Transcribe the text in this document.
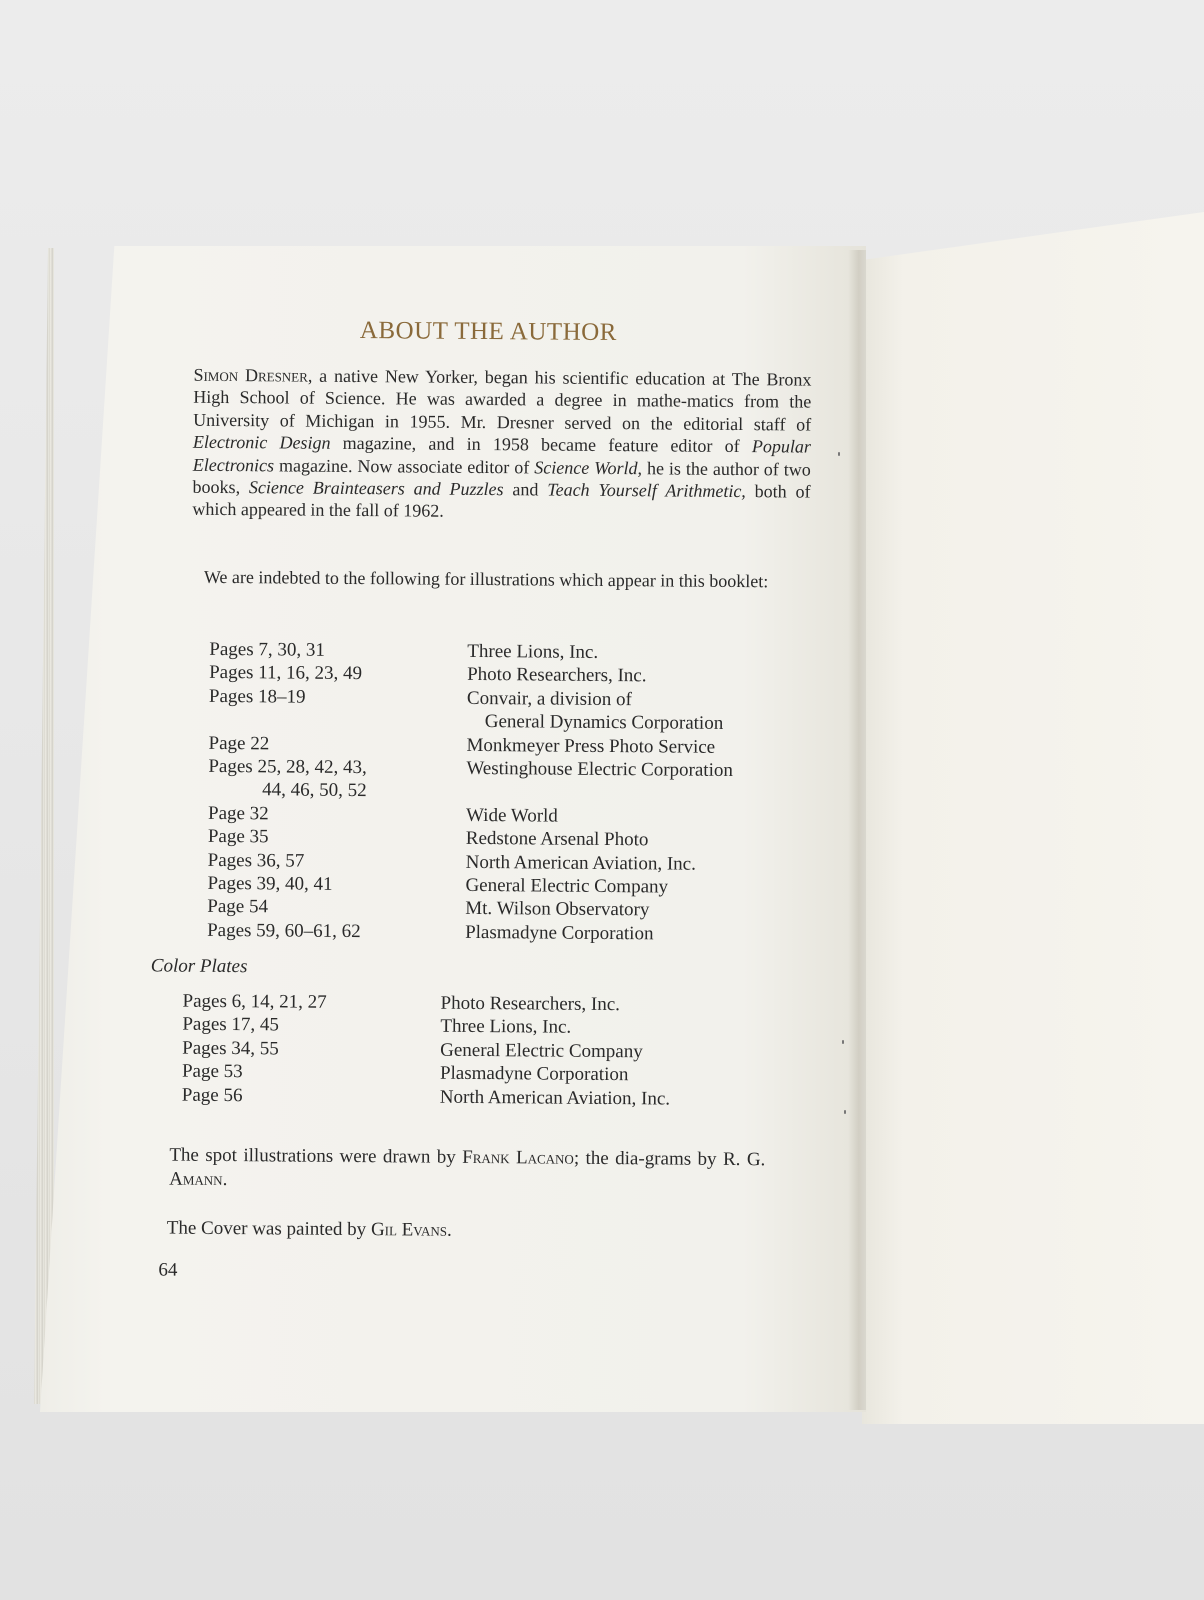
ABOUT THE AUTHOR
Simon Dresner, a native New Yorker, began his scientific education at The Bronx High School of Science. He was awarded a degree in mathe-matics from the University of Michigan in 1955. Mr. Dresner served on the editorial staff of Electronic Design magazine, and in 1958 became feature editor of Popular Electronics magazine. Now associate editor of Science World, he is the author of two books, Science Brainteasers and Puzzles and Teach Yourself Arithmetic, both of which appeared in the fall of 1962.
We are indebted to the following for illustrations which appear in this booklet:
Pages 7, 30, 31	Three Lions, Inc.
Pages 11, 16, 23, 49	Photo Researchers, Inc.
Pages 18–19	Convair, a division of
General Dynamics Corporation
Page 22	Monkmeyer Press Photo Service
Pages 25, 28, 42, 43,	Westinghouse Electric Corporation
44, 46, 50, 52
Page 32	Wide World
Page 35	Redstone Arsenal Photo
Pages 36, 57	North American Aviation, Inc.
Pages 39, 40, 41	General Electric Company
Page 54	Mt. Wilson Observatory
Pages 59, 60–61, 62	Plasmadyne Corporation
Color Plates
Pages 6, 14, 21, 27	Photo Researchers, Inc.
Pages 17, 45	Three Lions, Inc.
Pages 34, 55	General Electric Company
Page 53	Plasmadyne Corporation
Page 56	North American Aviation, Inc.
The spot illustrations were drawn by Frank Lacano; the dia-grams by R. G. Amann.
The Cover was painted by Gil Evans.
64
